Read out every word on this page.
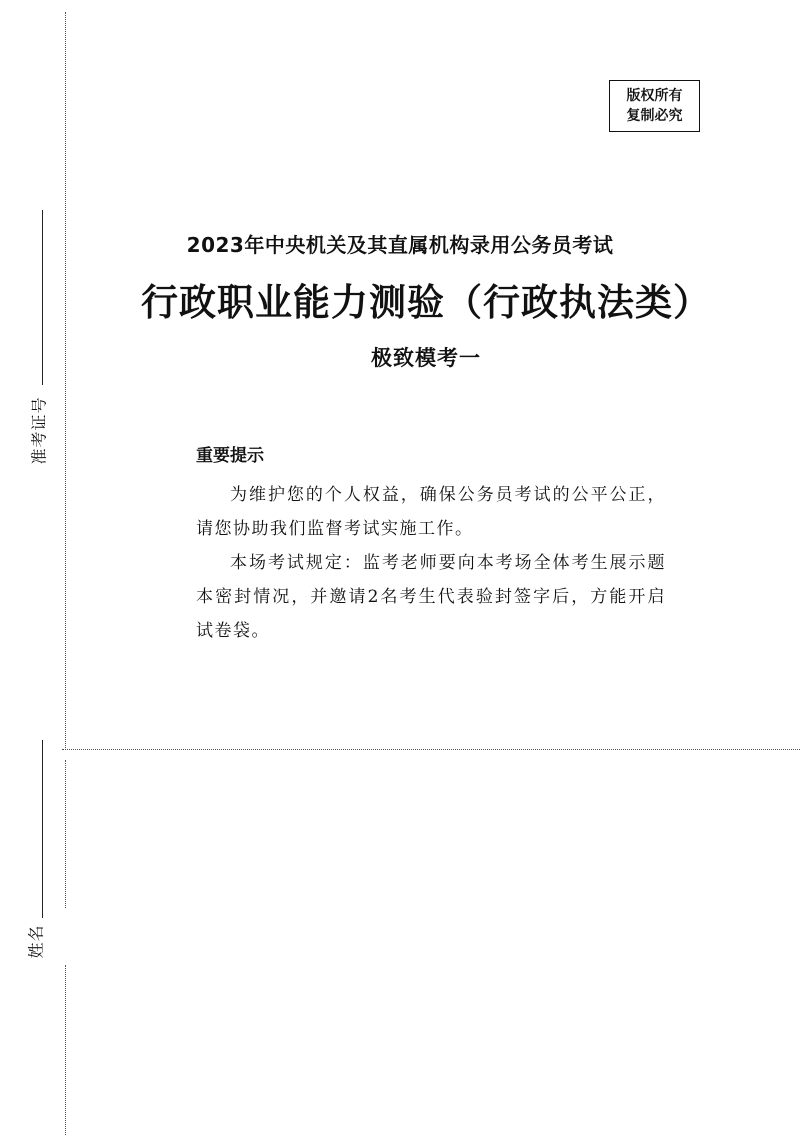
准考证号
姓名
版权所有
复制必究
2023年中央机关及其直属机构录用公务员考试
行政职业能力测验（行政执法类）
极致模考一
重要提示
为维护您的个人权益，确保公务员考试的公平公正，请您协助我们监督考试实施工作。
本场考试规定：监考老师要向本考场全体考生展示题本密封情况，并邀请2名考生代表验封签字后，方能开启试卷袋。
